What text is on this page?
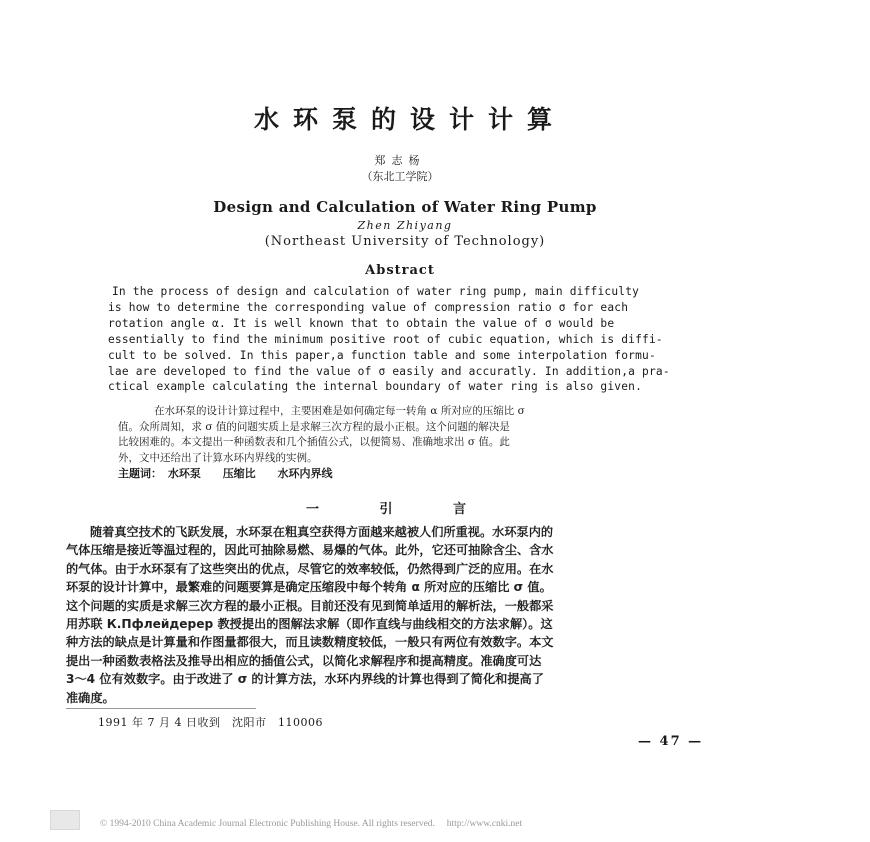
水环泵的设计计算
郑志杨
（东北工学院）
Design and Calculation of Water Ring Pump
Zhen Zhiyang
(Northeast University of Technology)
Abstract
In the process of design and calculation of water ring pump, main difficulty
is how to determine the corresponding value of compression ratio σ for each
rotation angle α. It is well known that to obtain the value of σ would be
essentially to find the minimum positive root of cubic equation, which is diffi-
cult to be solved. In this paper,a function table and some interpolation formu-
lae are developed to find the value of σ easily and accuratly. In addition,a pra-
ctical example calculating the internal boundary of water ring is also given.
在水环泵的设计计算过程中，主要困难是如何确定每一转角 α 所对应的压缩比 σ
值。众所周知，求 σ 值的问题实质上是求解三次方程的最小正根。这个问题的解决是
比较困难的。本文提出一种函数表和几个插值公式，以便简易、准确地求出 σ 值。此
外，文中还给出了计算水环内界线的实例。
主题词： 水环泵 压缩比 水环内界线
一 引 言
随着真空技术的飞跃发展，水环泵在粗真空获得方面越来越被人们所重视。水环泵内的
气体压缩是接近等温过程的，因此可抽除易燃、易爆的气体。此外，它还可抽除含尘、含水
的气体。由于水环泵有了这些突出的优点，尽管它的效率较低，仍然得到广泛的应用。在水
环泵的设计计算中，最繁难的问题要算是确定压缩段中每个转角 α 所对应的压缩比 σ 值。
这个问题的实质是求解三次方程的最小正根。目前还没有见到简单适用的解析法，一般都采
用苏联 К.Пфлейдерер 教授提出的图解法求解（即作直线与曲线相交的方法求解）。这
种方法的缺点是计算量和作图量都很大，而且读数精度较低，一般只有两位有效数字。本文
提出一种函数表格法及推导出相应的插值公式，以简化求解程序和提高精度。准确度可达
3～4 位有效数字。由于改进了 σ 的计算方法，水环内界线的计算也得到了简化和提高了
准确度。
1991 年 7 月 4 日收到　沈阳市　110006
— 47 —
© 1994-2010 China Academic Journal Electronic Publishing House. All rights reserved.　 http://www.cnki.net
